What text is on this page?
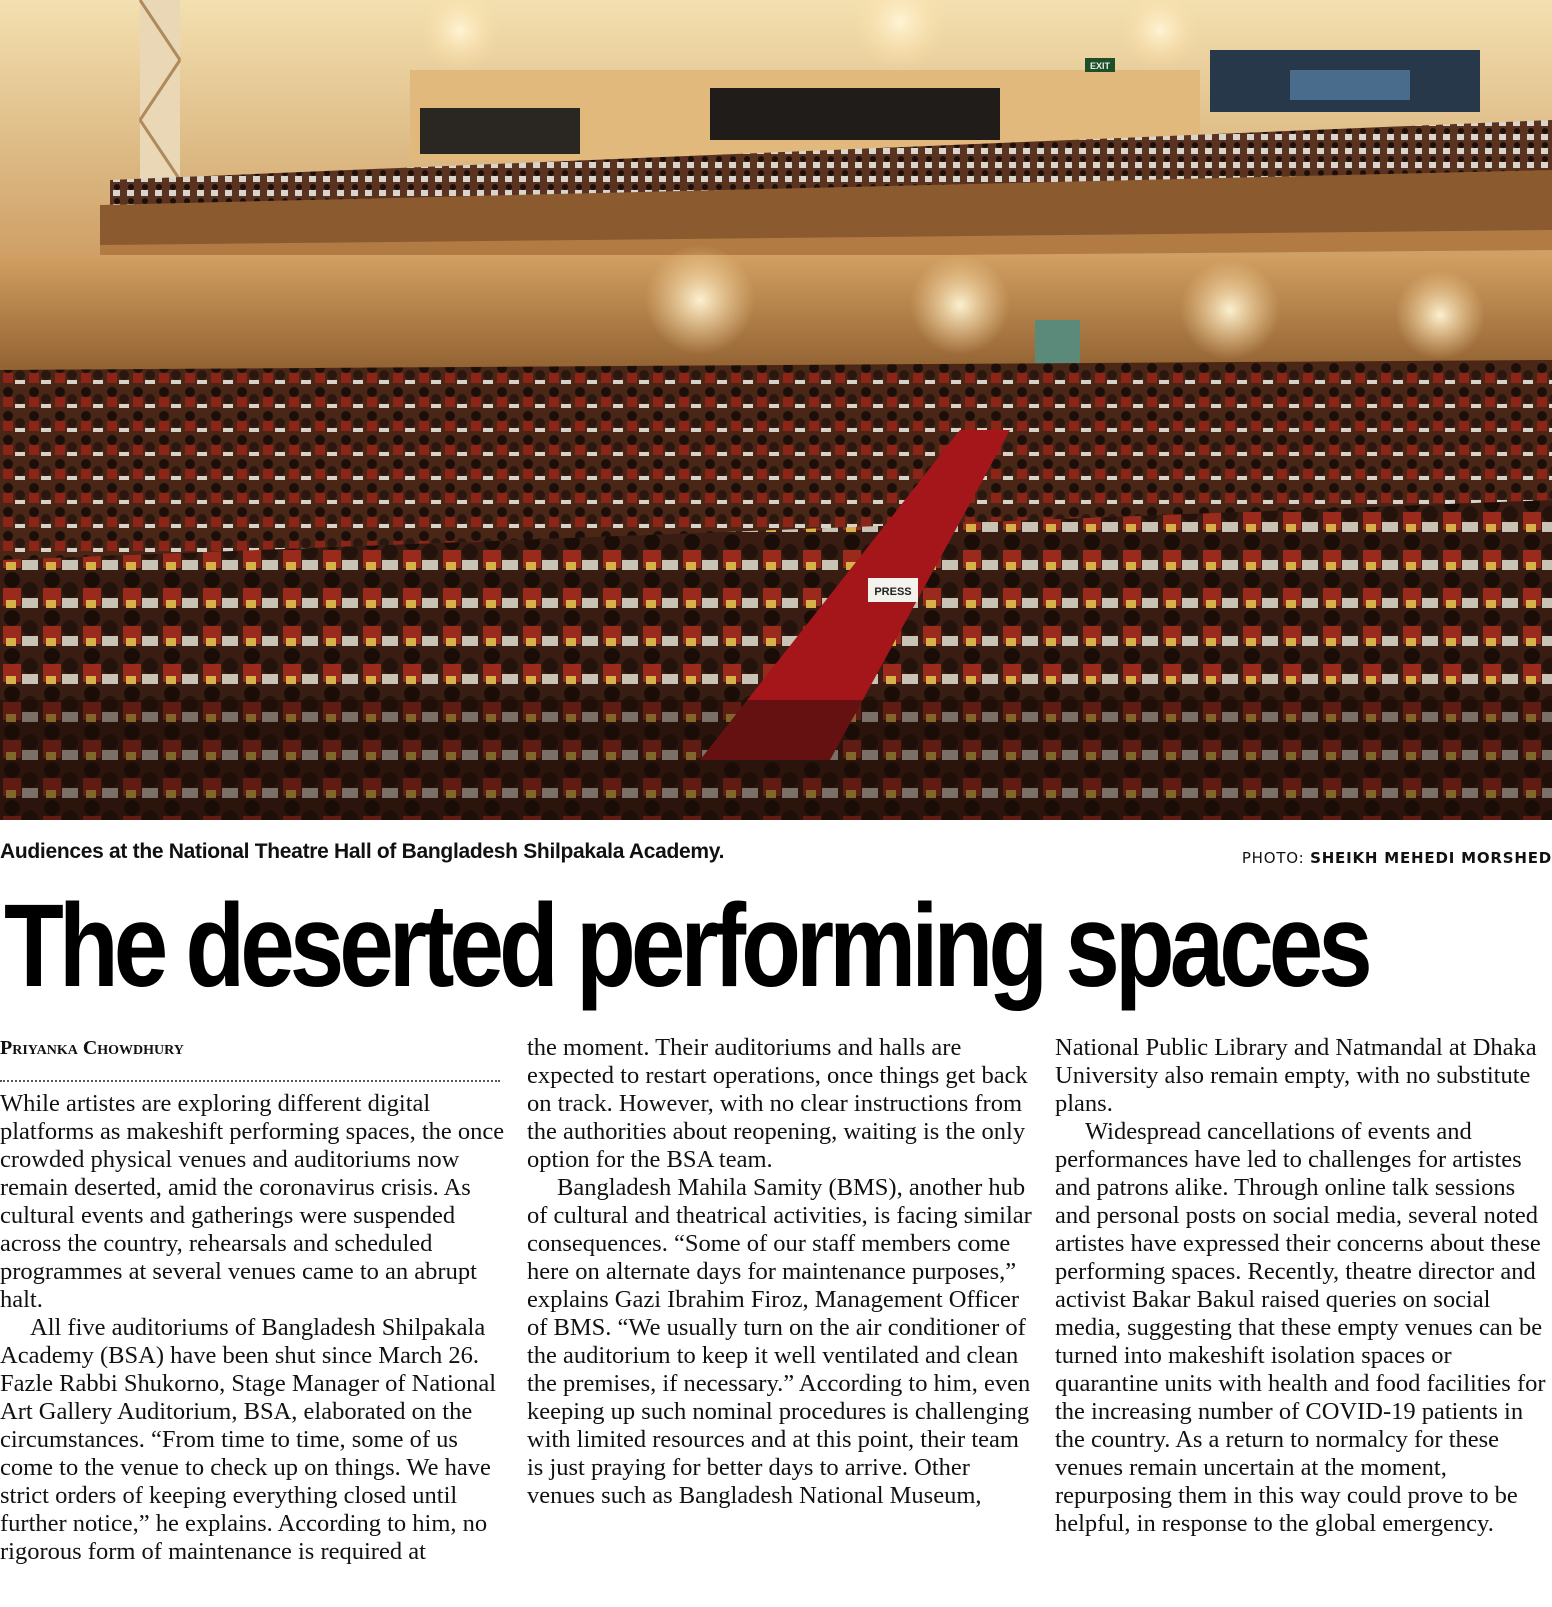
PRESS
EXIT
Audiences at the National Theatre Hall of Bangladesh Shilpakala Academy.	PHOTO: SHEIKH MEHEDI MORSHED
The deserted performing spaces
Priyanka Chowdhury

While artistes are exploring different digital platforms as makeshift performing spaces, the once crowded physical venues and auditoriums now remain deserted, amid the coronavirus crisis. As cultural events and gatherings were suspended across the country, rehearsals and scheduled programmes at several venues came to an abrupt halt.

All five auditoriums of Bangladesh Shilpakala Academy (BSA) have been shut since March 26. Fazle Rabbi Shukorno, Stage Manager of National Art Gallery Auditorium, BSA, elaborated on the circumstances. “From time to time, some of us come to the venue to check up on things. We have strict orders of keeping everything closed until further notice,” he explains. According to him, no rigorous form of maintenance is required at

the moment. Their auditoriums and halls are expected to restart operations, once things get back on track. However, with no clear instructions from the authorities about reopening, waiting is the only option for the BSA team.

Bangladesh Mahila Samity (BMS), another hub of cultural and theatrical activities, is facing similar consequences. “Some of our staff members come here on alternate days for maintenance purposes,” explains Gazi Ibrahim Firoz, Management Officer of BMS. “We usually turn on the air conditioner of the auditorium to keep it well ventilated and clean the premises, if necessary.” According to him, even keeping up such nominal procedures is challenging with limited resources and at this point, their team is just praying for better days to arrive. Other venues such as Bangladesh National Museum,

National Public Library and Natmandal at Dhaka University also remain empty, with no substitute plans.

Widespread cancellations of events and performances have led to challenges for artistes and patrons alike. Through online talk sessions and personal posts on social media, several noted artistes have expressed their concerns about these performing spaces. Recently, theatre director and activist Bakar Bakul raised queries on social media, suggesting that these empty venues can be turned into makeshift isolation spaces or quarantine units with health and food facilities for the increasing number of COVID-19 patients in the country. As a return to normalcy for these venues remain uncertain at the moment, repurposing them in this way could prove to be helpful, in response to the global emergency.
